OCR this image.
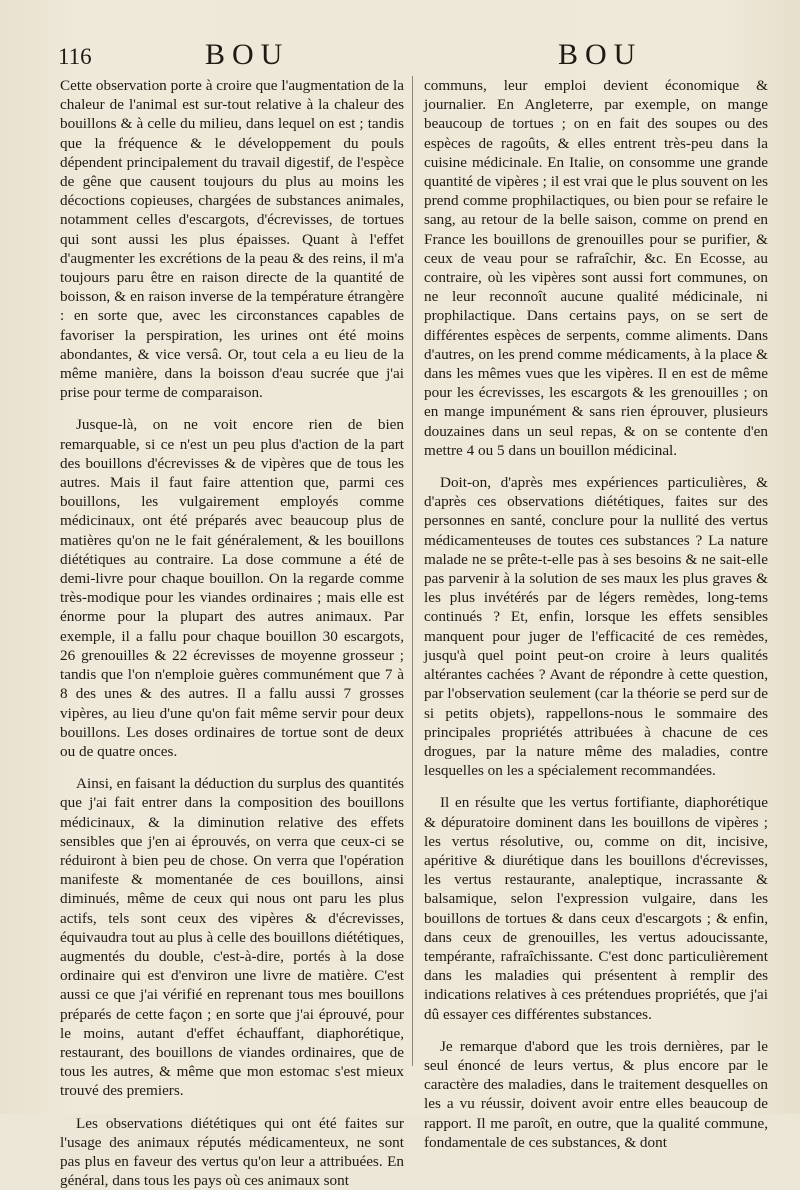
116	BOU	BOU

Cette observation porte à croire que l'augmentation de la chaleur de l'animal est sur-tout relative à la chaleur des bouillons & à celle du milieu, dans lequel on est ; tandis que la fréquence & le développement du pouls dépendent principalement du travail digestif, de l'espèce de gêne que causent toujours du plus au moins les décoctions copieuses, chargées de substances animales, notamment celles d'escargots, d'écrevisses, de tortues qui sont aussi les plus épaisses. Quant à l'effet d'augmenter les excrétions de la peau & des reins, il m'a toujours paru être en raison directe de la quantité de boisson, & en raison inverse de la température étrangère : en sorte que, avec les circonstances capables de favoriser la perspiration, les urines ont été moins abondantes, & vice versâ. Or, tout cela a eu lieu de la même manière, dans la boisson d'eau sucrée que j'ai prise pour terme de comparaison.

Jusque-là, on ne voit encore rien de bien remarquable, si ce n'est un peu plus d'action de la part des bouillons d'écrevisses & de vipères que de tous les autres. Mais il faut faire attention que, parmi ces bouillons, les vulgairement employés comme médicinaux, ont été préparés avec beaucoup plus de matières qu'on ne le fait généralement, & les bouillons diététiques au contraire. La dose commune a été de demi-livre pour chaque bouillon. On la regarde comme très-modique pour les viandes ordinaires ; mais elle est énorme pour la plupart des autres animaux. Par exemple, il a fallu pour chaque bouillon 30 escargots, 26 grenouilles & 22 écrevisses de moyenne grosseur ; tandis que l'on n'emploie guères communément que 7 à 8 des unes & des autres. Il a fallu aussi 7 grosses vipères, au lieu d'une qu'on fait même servir pour deux bouillons. Les doses ordinaires de tortue sont de deux ou de quatre onces.

Ainsi, en faisant la déduction du surplus des quantités que j'ai fait entrer dans la composition des bouillons médicinaux, & la diminution relative des effets sensibles que j'en ai éprouvés, on verra que ceux-ci se réduiront à bien peu de chose. On verra que l'opération manifeste & momentanée de ces bouillons, ainsi diminués, même de ceux qui nous ont paru les plus actifs, tels sont ceux des vipères & d'écrevisses, équivaudra tout au plus à celle des bouillons diététiques, augmentés du double, c'est-à-dire, portés à la dose ordinaire qui est d'environ une livre de matière. C'est aussi ce que j'ai vérifié en reprenant tous mes bouillons préparés de cette façon ; en sorte que j'ai éprouvé, pour le moins, autant d'effet échauffant, diaphorétique, restaurant, des bouillons de viandes ordinaires, que de tous les autres, & même que mon estomac s'est mieux trouvé des premiers.

Les observations diététiques qui ont été faites sur l'usage des animaux réputés médicamenteux, ne sont pas plus en faveur des vertus qu'on leur a attribuées. En général, dans tous les pays où ces animaux sont

communs, leur emploi devient économique & journalier. En Angleterre, par exemple, on mange beaucoup de tortues ; on en fait des soupes ou des espèces de ragoûts, & elles entrent très-peu dans la cuisine médicinale. En Italie, on consomme une grande quantité de vipères ; il est vrai que le plus souvent on les prend comme prophilactiques, ou bien pour se refaire le sang, au retour de la belle saison, comme on prend en France les bouillons de grenouilles pour se purifier, & ceux de veau pour se rafraîchir, &c. En Ecosse, au contraire, où les vipères sont aussi fort communes, on ne leur reconnoît aucune qualité médicinale, ni prophilactique. Dans certains pays, on se sert de différentes espèces de serpents, comme aliments. Dans d'autres, on les prend comme médicaments, à la place & dans les mêmes vues que les vipères. Il en est de même pour les écrevisses, les escargots & les grenouilles ; on en mange impunément & sans rien éprouver, plusieurs douzaines dans un seul repas, & on se contente d'en mettre 4 ou 5 dans un bouillon médicinal.

Doit-on, d'après mes expériences particulières, & d'après ces observations diététiques, faites sur des personnes en santé, conclure pour la nullité des vertus médicamenteuses de toutes ces substances ? La nature malade ne se prête-t-elle pas à ses besoins & ne sait-elle pas parvenir à la solution de ses maux les plus graves & les plus invétérés par de légers remèdes, long-tems continués ? Et, enfin, lorsque les effets sensibles manquent pour juger de l'efficacité de ces remèdes, jusqu'à quel point peut-on croire à leurs qualités altérantes cachées ? Avant de répondre à cette question, par l'observation seulement (car la théorie se perd sur de si petits objets), rappellons-nous le sommaire des principales propriétés attribuées à chacune de ces drogues, par la nature même des maladies, contre lesquelles on les a spécialement recommandées.

Il en résulte que les vertus fortifiante, diaphorétique & dépuratoire dominent dans les bouillons de vipères ; les vertus résolutive, ou, comme on dit, incisive, apéritive & diurétique dans les bouillons d'écrevisses, les vertus restaurante, analeptique, incrassante & balsamique, selon l'expression vulgaire, dans les bouillons de tortues & dans ceux d'escargots ; & enfin, dans ceux de grenouilles, les vertus adoucissante, tempérante, rafraîchissante. C'est donc particulièrement dans les maladies qui présentent à remplir des indications relatives à ces prétendues propriétés, que j'ai dû essayer ces différentes substances.

Je remarque d'abord que les trois dernières, par le seul énoncé de leurs vertus, & plus encore par le caractère des maladies, dans le traitement desquelles on les a vu réussir, doivent avoir entre elles beaucoup de rapport. Il me paroît, en outre, que la qualité commune, fondamentale de ces substances, & dont
